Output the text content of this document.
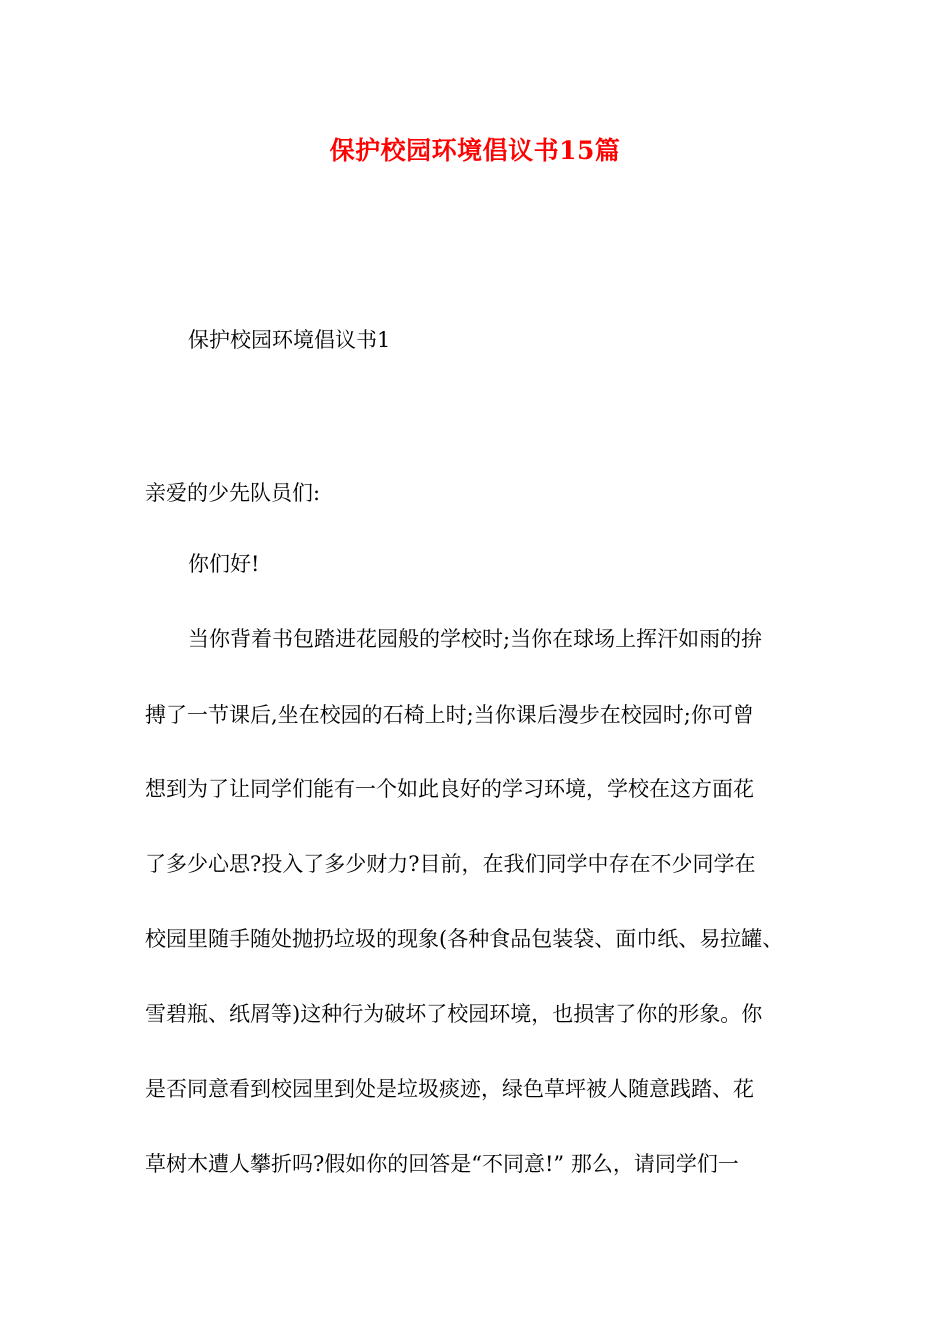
保护校园环境倡议书15篇
保护校园环境倡议书1
亲爱的少先队员们:
你们好!
当你背着书包踏进花园般的学校时;当你在球场上挥汗如雨的拚
搏了一节课后,坐在校园的石椅上时;当你课后漫步在校园时;你可曾
想到为了让同学们能有一个如此良好的学习环境，学校在这方面花
了多少心思?投入了多少财力?目前，在我们同学中存在不少同学在
校园里随手随处抛扔垃圾的现象(各种食品包装袋、面巾纸、易拉罐、
雪碧瓶、纸屑等)这种行为破坏了校园环境，也损害了你的形象。你
是否同意看到校园里到处是垃圾痰迹，绿色草坪被人随意践踏、花
草树木遭人攀折吗?假如你的回答是“不同意!” 那么，请同学们一
